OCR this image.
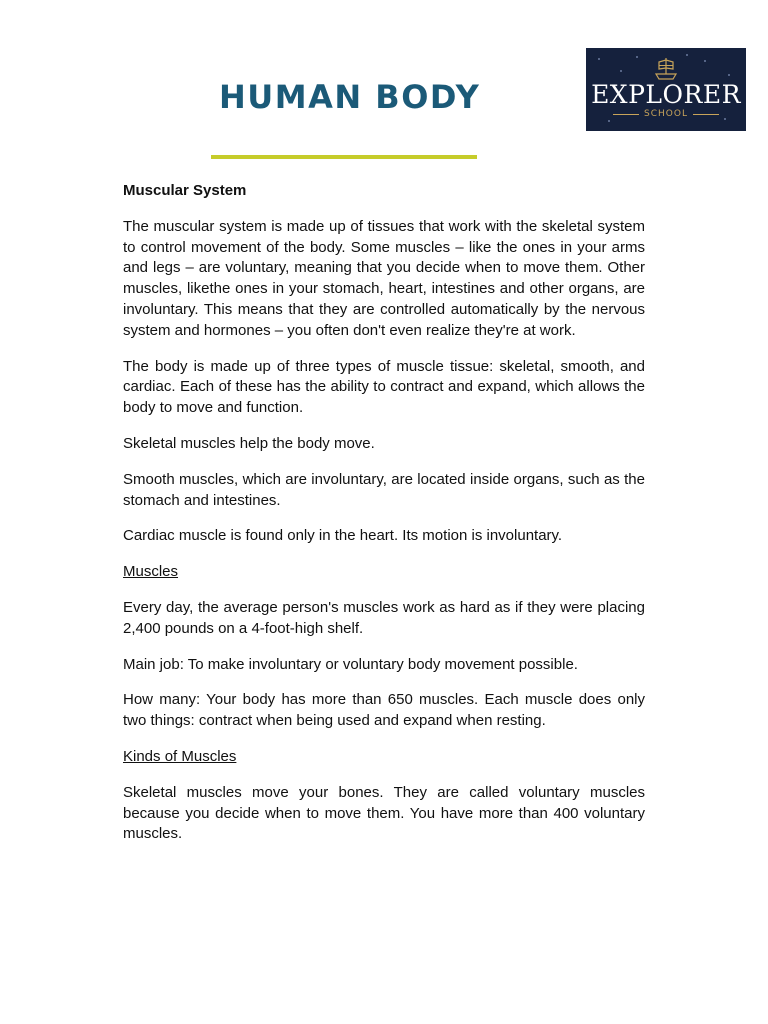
HUMAN BODY	EXPLORER
SCHOOL

Muscular System

The muscular system is made up of tissues that work with the skeletal system to control movement of the body. Some muscles – like the ones in your arms and legs – are voluntary, meaning that you decide when to move them. Other muscles, likethe ones in your stomach, heart, intestines and other organs, are involuntary. This means that they are controlled automatically by the nervous system and hormones – you often don't even realize they're at work.

The body is made up of three types of muscle tissue: skeletal, smooth, and cardiac. Each of these has the ability to contract and expand, which allows the body to move and function.

Skeletal muscles help the body move.

Smooth muscles, which are involuntary, are located inside organs, such as the stomach and intestines.

Cardiac muscle is found only in the heart. Its motion is involuntary.

Muscles

Every day, the average person's muscles work as hard as if they were placing 2,400 pounds on a 4-foot-high shelf.

Main job: To make involuntary or voluntary body movement possible.

How many: Your body has more than 650 muscles. Each muscle does only two things: contract when being used and expand when resting.

Kinds of Muscles

Skeletal muscles move your bones. They are called voluntary muscles because you decide when to move them. You have more than 400 voluntary muscles.
